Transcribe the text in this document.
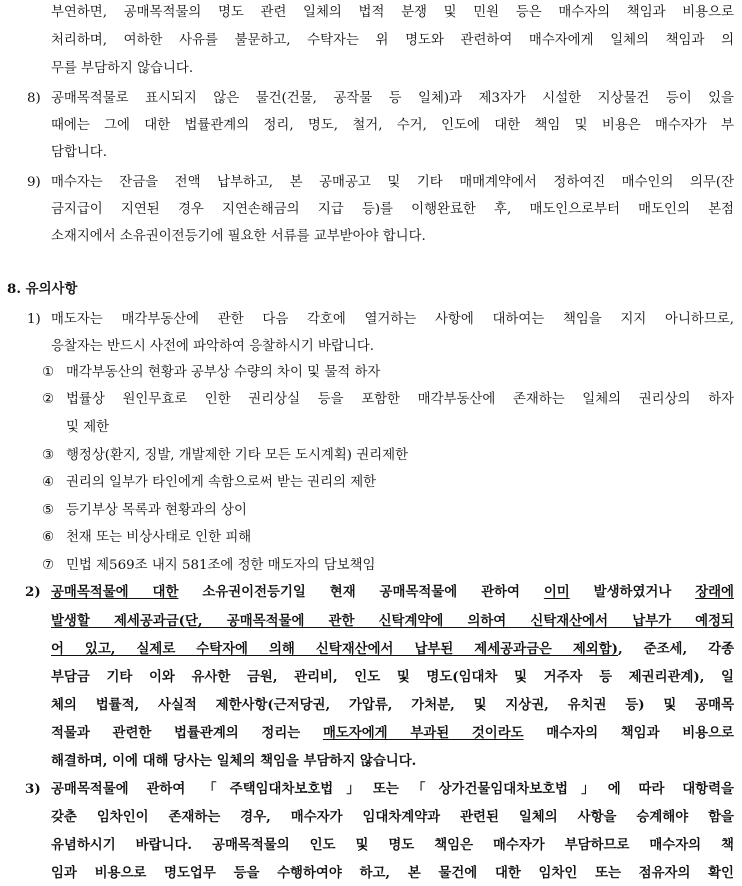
부연하면, 공매목적물의 명도 관련 일체의 법적 분쟁 및 민원 등은 매수자의 책임과 비용으로
처리하며, 여하한 사유를 불문하고, 수탁자는 위 명도와 관련하여 매수자에게 일체의 책임과 의
무를 부담하지 않습니다.
8) 공매목적물로 표시되지 않은 물건(건물, 공작물 등 일체)과 제3자가 시설한 지상물건 등이 있을
때에는 그에 대한 법률관계의 정리, 명도, 철거, 수거, 인도에 대한 책임 및 비용은 매수자가 부
담합니다.
9) 매수자는 잔금을 전액 납부하고, 본 공매공고 및 기타 매매계약에서 정하여진 매수인의 의무(잔
금지급이 지연된 경우 지연손해금의 지급 등)를 이행완료한 후, 매도인으로부터 매도인의 본점
소재지에서 소유권이전등기에 필요한 서류를 교부받아야 합니다.
8. 유의사항
1) 매도자는 매각부동산에 관한 다음 각호에 열거하는 사항에 대하여는 책임을 지지 아니하므로,
응찰자는 반드시 사전에 파악하여 응찰하시기 바랍니다.
① 매각부동산의 현황과 공부상 수량의 차이 및 물적 하자
② 법률상 원인무효로 인한 권리상실 등을 포함한 매각부동산에 존재하는 일체의 권리상의 하자
및 제한
③ 행정상(환지, 징발, 개발제한 기타 모든 도시계획) 권리제한
④ 권리의 일부가 타인에게 속함으로써 받는 권리의 제한
⑤ 등기부상 목록과 현황과의 상이
⑥ 천재 또는 비상사태로 인한 피해
⑦ 민법 제569조 내지 581조에 정한 매도자의 담보책임
2) 공매목적물에 대한 소유권이전등기일 현재 공매목적물에 관하여 이미 발생하였거나 장래에
발생할 제세공과금(단, 공매목적물에 관한 신탁계약에 의하여 신탁재산에서 납부가 예정되
어 있고, 실제로 수탁자에 의해 신탁재산에서 납부된 제세공과금은 제외함), 준조세, 각종
부담금 기타 이와 유사한 금원, 관리비, 인도 및 명도(임대차 및 거주자 등 제권리관계), 일
체의 법률적, 사실적 제한사항(근저당권, 가압류, 가처분, 및 지상권, 유치권 등) 및 공매목
적물과 관련한 법률관계의 정리는 매도자에게 부과된 것이라도 매수자의 책임과 비용으로
해결하며, 이에 대해 당사는 일체의 책임을 부담하지 않습니다.
3) 공매목적물에 관하여 「주택임대차보호법」또는「상가건물임대차보호법」에 따라 대항력을
갖춘 임차인이 존재하는 경우, 매수자가 임대차계약과 관련된 일체의 사항을 승계해야 함을
유념하시기 바랍니다. 공매목적물의 인도 및 명도 책임은 매수자가 부담하므로 매수자의 책
임과 비용으로 명도업무 등을 수행하여야 하고, 본 물건에 대한 임차인 또는 점유자의 확인
